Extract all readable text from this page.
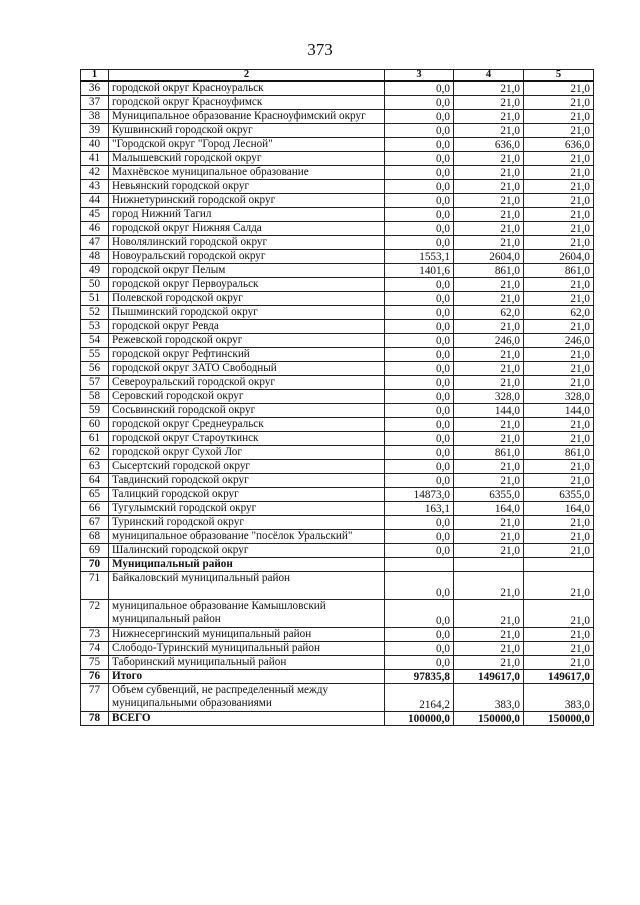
373
1	2	3	4	5
36	городской округ Красноуральск	0,0	21,0	21,0
37	городской округ Красноуфимск	0,0	21,0	21,0
38	Муниципальное образование Красноуфимский округ	0,0	21,0	21,0
39	Кушвинский городской округ	0,0	21,0	21,0
40	"Городской округ "Город Лесной"	0,0	636,0	636,0
41	Малышевский городской округ	0,0	21,0	21,0
42	Махнёвское муниципальное образование	0,0	21,0	21,0
43	Невьянский городской округ	0,0	21,0	21,0
44	Нижнетуринский городской округ	0,0	21,0	21,0
45	город Нижний Тагил	0,0	21,0	21,0
46	городской округ Нижняя Салда	0,0	21,0	21,0
47	Новолялинский городской округ	0,0	21,0	21,0
48	Новоуральский городской округ	1553,1	2604,0	2604,0
49	городской округ Пелым	1401,6	861,0	861,0
50	городской округ Первоуральск	0,0	21,0	21,0
51	Полевской городской округ	0,0	21,0	21,0
52	Пышминский городской округ	0,0	62,0	62,0
53	городской округ Ревда	0,0	21,0	21,0
54	Режевской городской округ	0,0	246,0	246,0
55	городской округ Рефтинский	0,0	21,0	21,0
56	городской округ ЗАТО Свободный	0,0	21,0	21,0
57	Североуральский городской округ	0,0	21,0	21,0
58	Серовский городской округ	0,0	328,0	328,0
59	Сосьвинский городской округ	0,0	144,0	144,0
60	городской округ Среднеуральск	0,0	21,0	21,0
61	городской округ Староуткинск	0,0	21,0	21,0
62	городской округ Сухой Лог	0,0	861,0	861,0
63	Сысертский городской округ	0,0	21,0	21,0
64	Тавдинский городской округ	0,0	21,0	21,0
65	Талицкий городской округ	14873,0	6355,0	6355,0
66	Тугулымский городской округ	163,1	164,0	164,0
67	Туринский городской округ	0,0	21,0	21,0
68	муниципальное образование "посёлок Уральский"	0,0	21,0	21,0
69	Шалинский городской округ	0,0	21,0	21,0
70	Муниципальный район			
71	Байкаловский муниципальный район	0,0	21,0	21,0
72	муниципальное образование Камышловский муниципальный район	0,0	21,0	21,0
73	Нижнесергинский муниципальный район	0,0	21,0	21,0
74	Слободо-Туринский муниципальный район	0,0	21,0	21,0
75	Таборинский муниципальный район	0,0	21,0	21,0
76	Итого	97835,8	149617,0	149617,0
77	Объем субвенций, не распределенный между муниципальными образованиями	2164,2	383,0	383,0
78	ВСЕГО	100000,0	150000,0	150000,0
